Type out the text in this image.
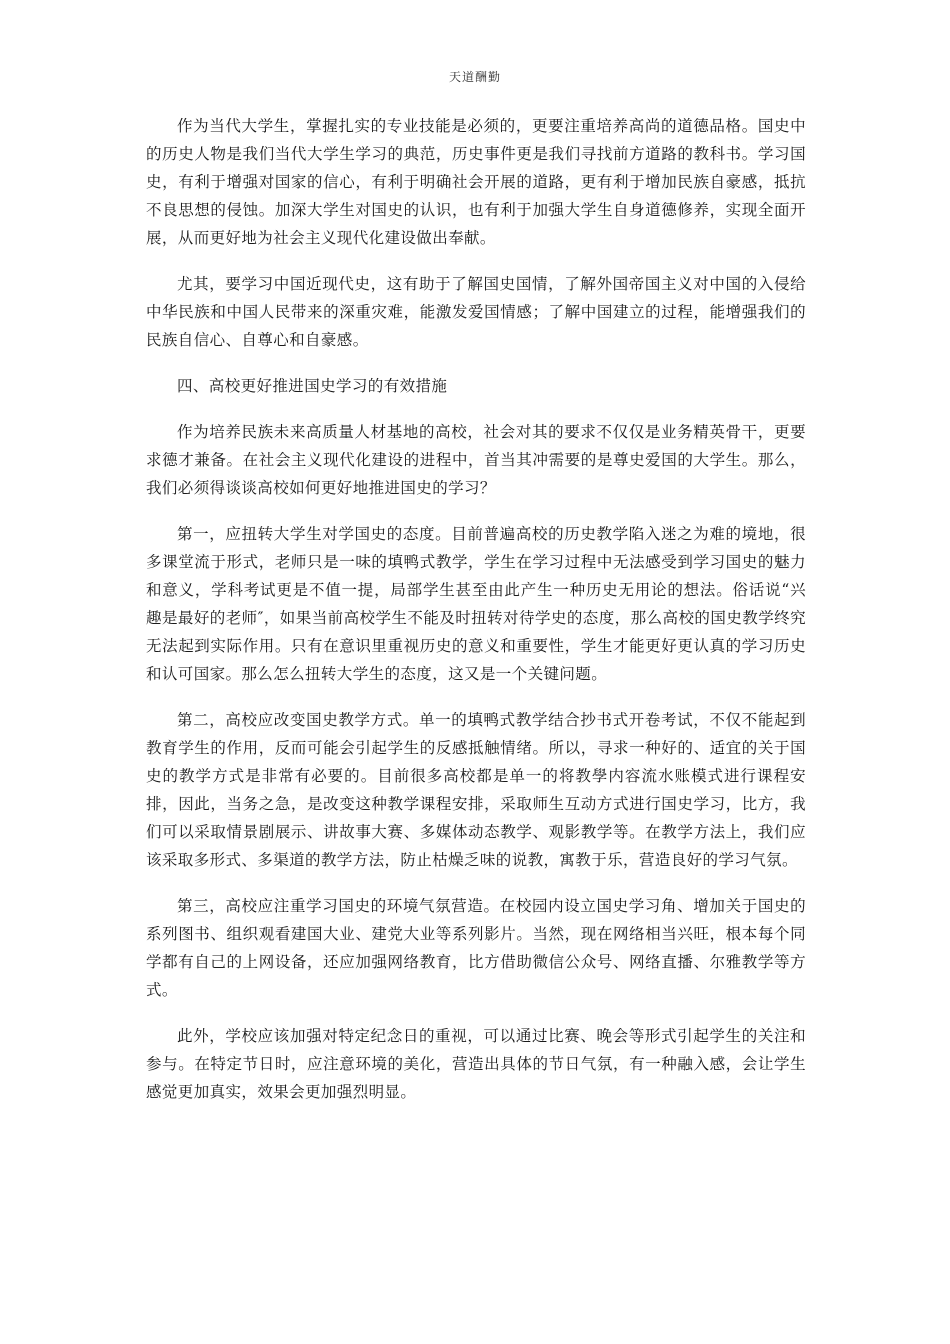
天道酬勤

作为当代大学生，掌握扎实的专业技能是必须的，更要注重培养高尚的道德品格。国史中的历史人物是我们当代大学生学习的典范，历史事件更是我们寻找前方道路的教科书。学习国史，有利于增强对国家的信心，有利于明确社会开展的道路，更有利于增加民族自豪感，抵抗不良思想的侵蚀。加深大学生对国史的认识，也有利于加强大学生自身道德修养，实现全面开展，从而更好地为社会主义现代化建设做出奉献。

尤其，要学习中国近现代史，这有助于了解国史国情，了解外国帝国主义对中国的入侵给中华民族和中国人民带来的深重灾难，能激发爱国情感；了解中国建立的过程，能增强我们的民族自信心、自尊心和自豪感。

四、高校更好推进国史学习的有效措施

作为培养民族未来高质量人材基地的高校，社会对其的要求不仅仅是业务精英骨干，更要求德才兼备。在社会主义现代化建设的进程中，首当其冲需要的是尊史爱国的大学生。那么，我们必须得谈谈高校如何更好地推进国史的学习？

第一，应扭转大学生对学国史的态度。目前普遍高校的历史教学陷入迷之为难的境地，很多课堂流于形式，老师只是一味的填鸭式教学，学生在学习过程中无法感受到学习国史的魅力和意义，学科考试更是不值一提，局部学生甚至由此产生一种历史无用论的想法。俗话说“兴趣是最好的老师″，如果当前高校学生不能及时扭转对待学史的态度，那么高校的国史教学终究无法起到实际作用。只有在意识里重视历史的意义和重要性，学生才能更好更认真的学习历史和认可国家。那么怎么扭转大学生的态度，这又是一个关键问题。

第二，高校应改变国史教学方式。单一的填鸭式教学结合抄书式开卷考试，不仅不能起到教育学生的作用，反而可能会引起学生的反感抵触情绪。所以，寻求一种好的、适宜的关于国史的教学方式是非常有必要的。目前很多高校都是单一的将教學内容流水账模式进行课程安排，因此，当务之急，是改变这种教学课程安排，采取师生互动方式进行国史学习，比方，我们可以采取情景剧展示、讲故事大赛、多媒体动态教学、观影教学等。在教学方法上，我们应该采取多形式、多渠道的教学方法，防止枯燥乏味的说教，寓教于乐，营造良好的学习气氛。

第三，高校应注重学习国史的环境气氛营造。在校园内设立国史学习角、增加关于国史的系列图书、组织观看建国大业、建党大业等系列影片。当然，现在网络相当兴旺，根本每个同学都有自己的上网设备，还应加强网络教育，比方借助微信公众号、网络直播、尔雅教学等方式。

此外，学校应该加强对特定纪念日的重视，可以通过比赛、晚会等形式引起学生的关注和参与。在特定节日时，应注意环境的美化，营造出具体的节日气氛，有一种融入感，会让学生感觉更加真实，效果会更加强烈明显。
